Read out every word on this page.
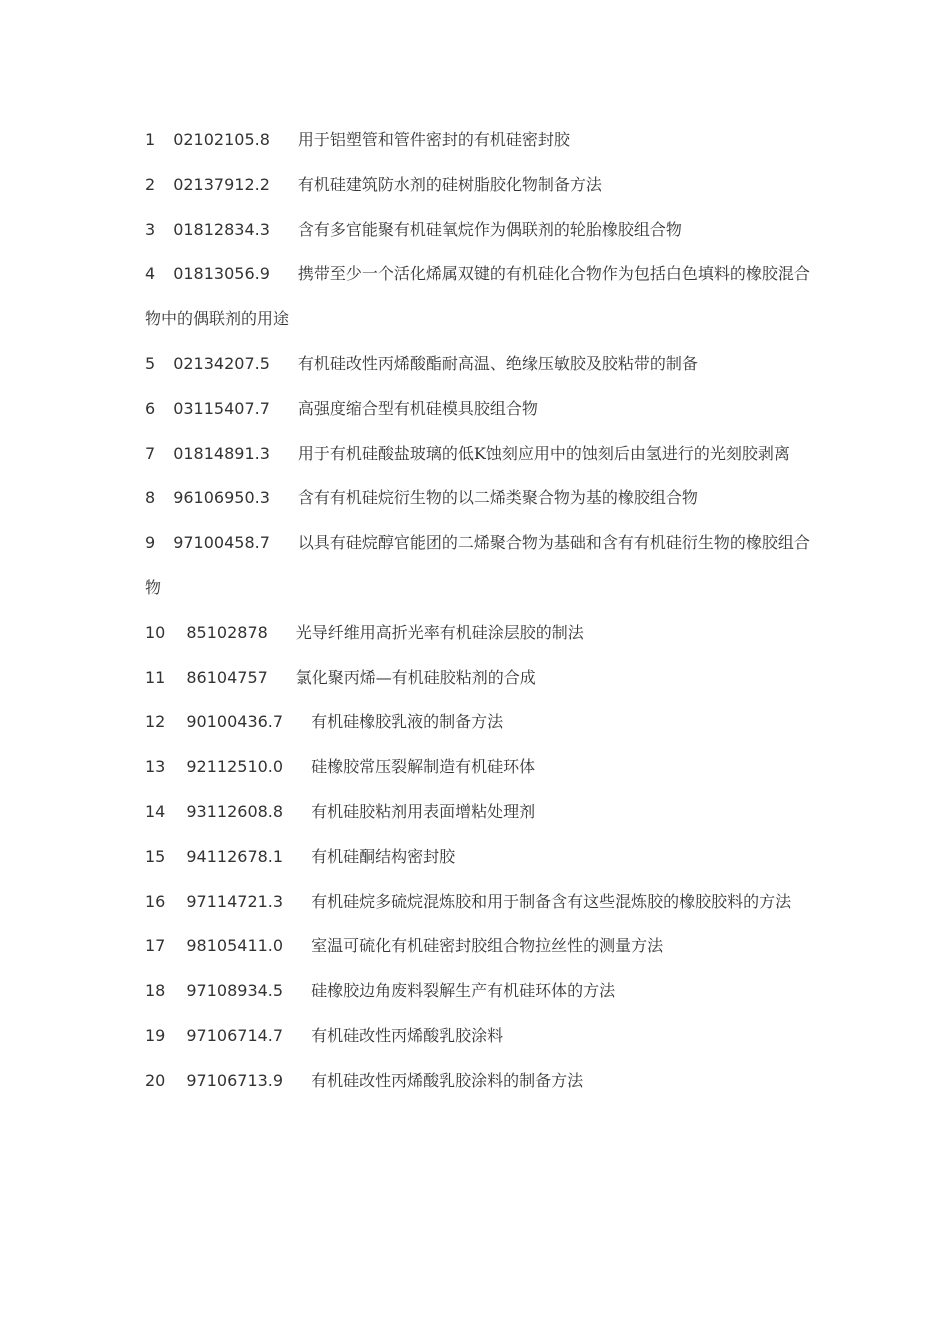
1 02102105.8 用于铝塑管和管件密封的有机硅密封胶
2 02137912.2 有机硅建筑防水剂的硅树脂胶化物制备方法
3 01812834.3 含有多官能聚有机硅氧烷作为偶联剂的轮胎橡胶组合物
4 01813056.9 携带至少一个活化烯属双键的有机硅化合物作为包括白色填料的橡胶混合物中的偶联剂的用途
5 02134207.5 有机硅改性丙烯酸酯耐高温、绝缘压敏胶及胶粘带的制备
6 03115407.7 高强度缩合型有机硅模具胶组合物
7 01814891.3 用于有机硅酸盐玻璃的低K蚀刻应用中的蚀刻后由氢进行的光刻胶剥离
8 96106950.3 含有有机硅烷衍生物的以二烯类聚合物为基的橡胶组合物
9 97100458.7 以具有硅烷醇官能团的二烯聚合物为基础和含有有机硅衍生物的橡胶组合物
10 85102878 光导纤维用高折光率有机硅涂层胶的制法
11 86104757 氯化聚丙烯—有机硅胶粘剂的合成
12 90100436.7 有机硅橡胶乳液的制备方法
13 92112510.0 硅橡胶常压裂解制造有机硅环体
14 93112608.8 有机硅胶粘剂用表面增粘处理剂
15 94112678.1 有机硅酮结构密封胶
16 97114721.3 有机硅烷多硫烷混炼胶和用于制备含有这些混炼胶的橡胶胶料的方法
17 98105411.0 室温可硫化有机硅密封胶组合物拉丝性的测量方法
18 97108934.5 硅橡胶边角废料裂解生产有机硅环体的方法
19 97106714.7 有机硅改性丙烯酸乳胶涂料
20 97106713.9 有机硅改性丙烯酸乳胶涂料的制备方法
